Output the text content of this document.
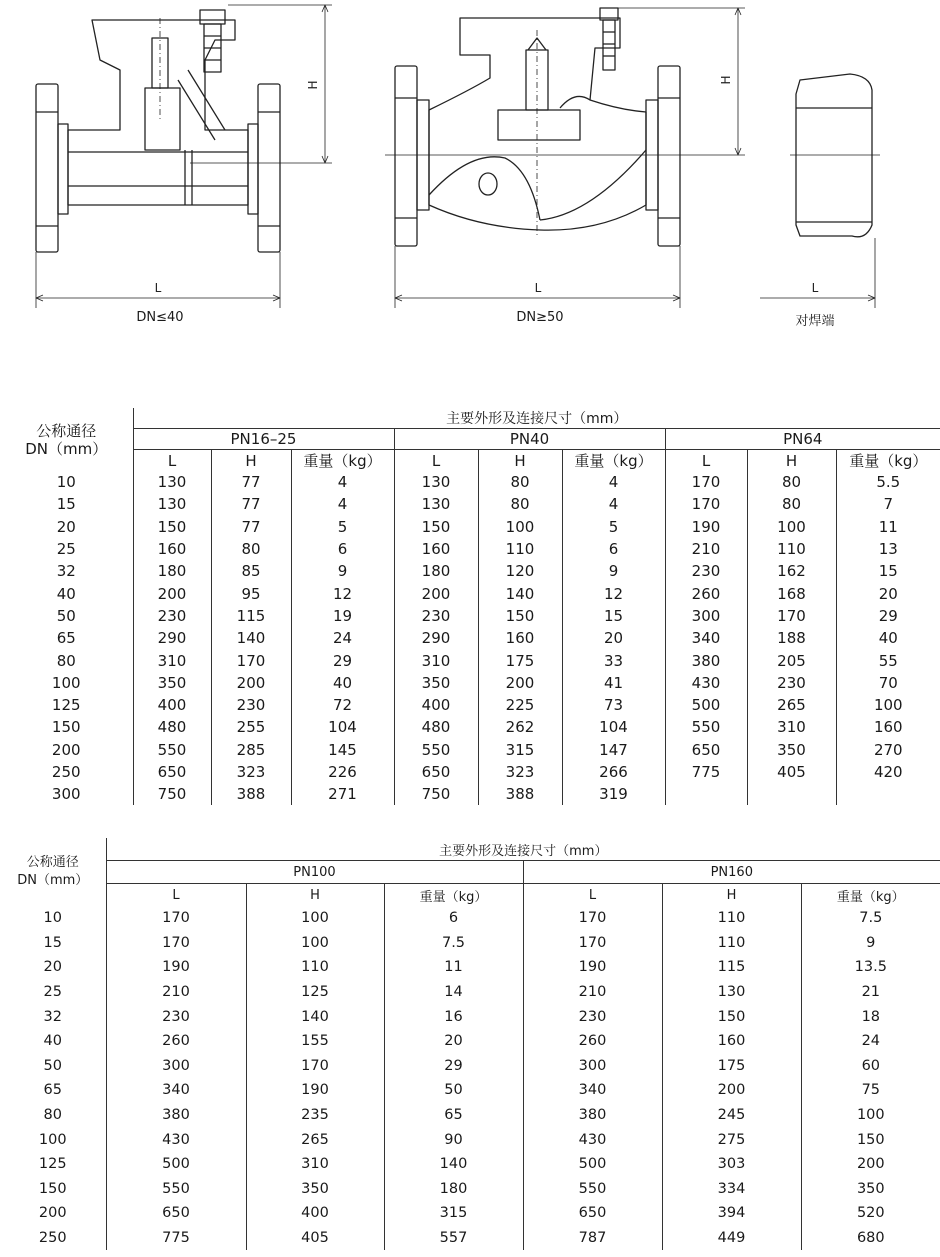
H
L
H
L	L
DN≤40	DN≥50	对焊端
公称通径
DN（mm）	主要外形及连接尺寸（mm）								
	PN16–25			PN40			PN64		
	L	H	重量（kg）	L	H	重量（kg）	L	H	重量（kg）
10	130	77	4	130	80	4	170	80	5.5
15	130	77	4	130	80	4	170	80	7
20	150	77	5	150	100	5	190	100	11
25	160	80	6	160	110	6	210	110	13
32	180	85	9	180	120	9	230	162	15
40	200	95	12	200	140	12	260	168	20
50	230	115	19	230	150	15	300	170	29
65	290	140	24	290	160	20	340	188	40
80	310	170	29	310	175	33	380	205	55
100	350	200	40	350	200	41	430	230	70
125	400	230	72	400	225	73	500	265	100
150	480	255	104	480	262	104	550	310	160
200	550	285	145	550	315	147	650	350	270
250	650	323	226	650	323	266	775	405	420
300	750	388	271	750	388	319			
公称通径
DN（mm）	主要外形及连接尺寸（mm）					
	PN100			PN160		
	L	H	重量（kg）	L	H	重量（kg）
10	170	100	6	170	110	7.5
15	170	100	7.5	170	110	9
20	190	110	11	190	115	13.5
25	210	125	14	210	130	21
32	230	140	16	230	150	18
40	260	155	20	260	160	24
50	300	170	29	300	175	60
65	340	190	50	340	200	75
80	380	235	65	380	245	100
100	430	265	90	430	275	150
125	500	310	140	500	303	200
150	550	350	180	550	334	350
200	650	400	315	650	394	520
250	775	405	557	787	449	680
